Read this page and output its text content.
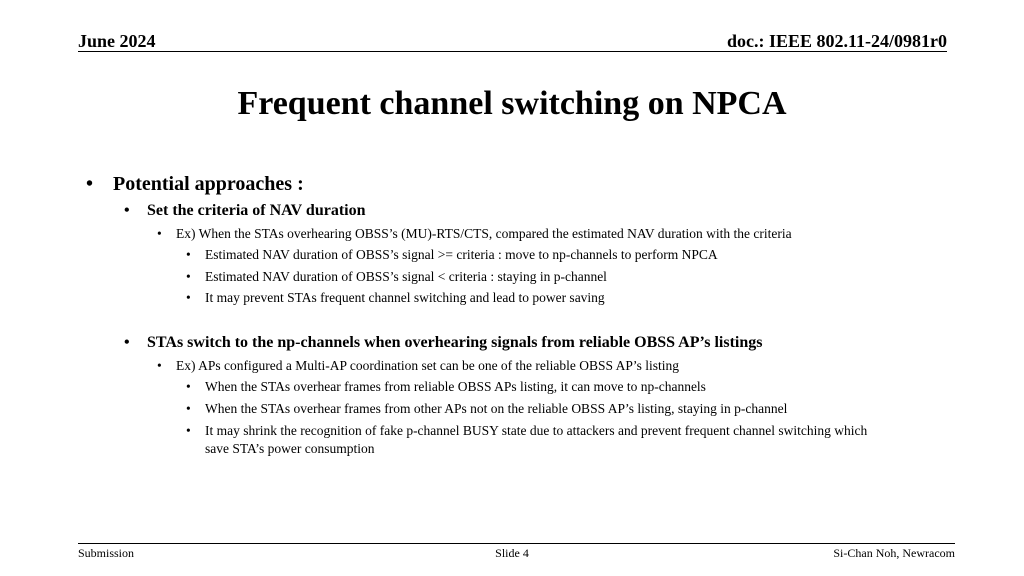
June 2024	doc.: IEEE 802.11-24/0981r0
Frequent channel switching on NPCA
• Potential approaches :
• Set the criteria of NAV duration
• Ex) When the STAs overhearing OBSS’s (MU)-RTS/CTS, compared the estimated NAV duration with the criteria
• Estimated NAV duration of OBSS’s signal >= criteria : move to np-channels to perform NPCA
• Estimated NAV duration of OBSS’s signal < criteria : staying in p-channel
• It may prevent STAs frequent channel switching and lead to power saving
• STAs switch to the np-channels when overhearing signals from reliable OBSS AP’s listings
• Ex) APs configured a Multi-AP coordination set can be one of the reliable OBSS AP’s listing
• When the STAs overhear frames from reliable OBSS APs listing, it can move to np-channels
• When the STAs overhear frames from other APs not on the reliable OBSS AP’s listing, staying in p-channel
• It may shrink the recognition of fake p-channel BUSY state due to attackers and prevent frequent channel switching which
save STA’s power consumption
Submission	Slide 4	Si-Chan Noh, Newracom
